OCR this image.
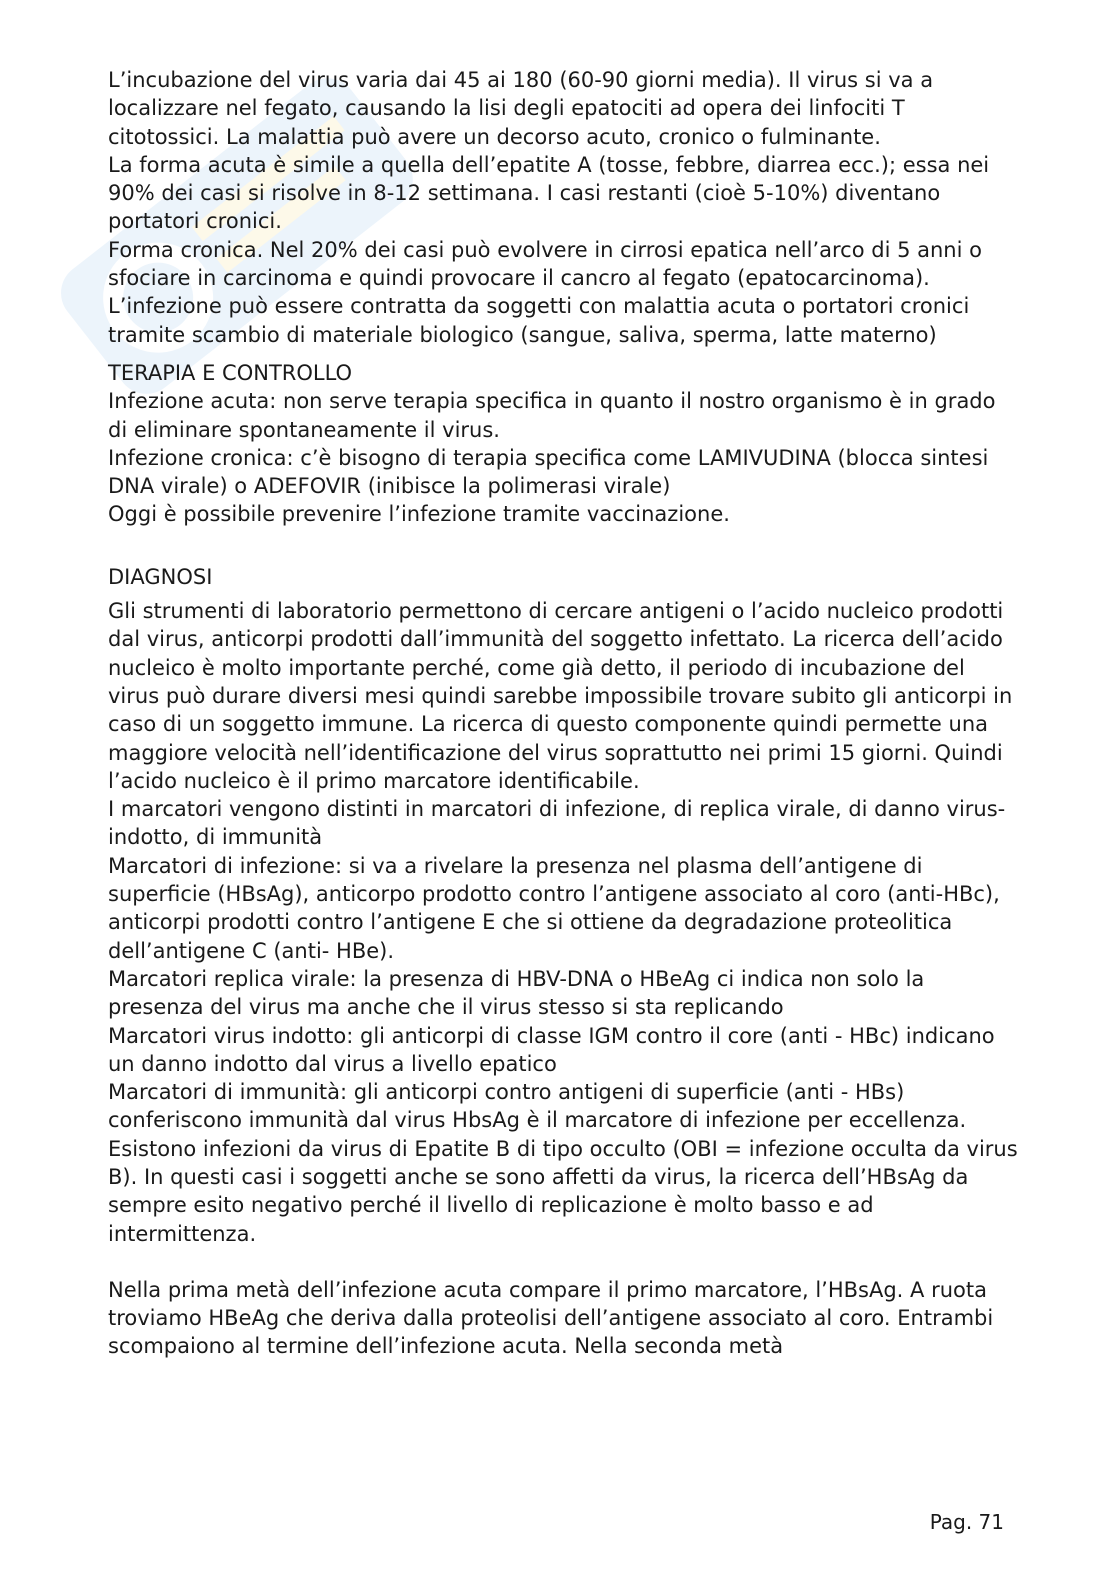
L’incubazione del virus varia dai 45 ai 180 (60-90 giorni media). Il virus si va a localizzare nel fegato, causando la lisi degli epatociti ad opera dei linfociti T citotossici. La malattia può avere un decorso acuto, cronico o fulminante.

La forma acuta è simile a quella dell’epatite A (tosse, febbre, diarrea ecc.); essa nei 90% dei casi si risolve in 8-12 settimana. I casi restanti (cioè 5-10%) diventano portatori cronici.

Forma cronica. Nel 20% dei casi può evolvere in cirrosi epatica nell’arco di 5 anni o sfociare in carcinoma e quindi provocare il cancro al fegato (epatocarcinoma).

L’infezione può essere contratta da soggetti con malattia acuta o portatori cronici tramite scambio di materiale biologico (sangue, saliva, sperma, latte materno)

TERAPIA E CONTROLLO

Infezione acuta: non serve terapia specifica in quanto il nostro organismo è in grado di eliminare spontaneamente il virus.

Infezione cronica: c’è bisogno di terapia specifica come LAMIVUDINA (blocca sintesi DNA virale) o ADEFOVIR (inibisce la polimerasi virale)

Oggi è possibile prevenire l’infezione tramite vaccinazione.

DIAGNOSI

Gli strumenti di laboratorio permettono di cercare antigeni o l’acido nucleico prodotti dal virus, anticorpi prodotti dall’immunità del soggetto infettato. La ricerca dell’acido nucleico è molto importante perché, come già detto, il periodo di incubazione del virus può durare diversi mesi quindi sarebbe impossibile trovare subito gli anticorpi in caso di un soggetto immune. La ricerca di questo componente quindi permette una maggiore velocità nell’identificazione del virus soprattutto nei primi 15 giorni. Quindi l’acido nucleico è il primo marcatore identificabile.

I marcatori vengono distinti in marcatori di infezione, di replica virale, di danno virus-indotto, di immunità

Marcatori di infezione: si va a rivelare la presenza nel plasma dell’antigene di superficie (HBsAg), anticorpo prodotto contro l’antigene associato al coro (anti-HBc), anticorpi prodotti contro l’antigene E che si ottiene da degradazione proteolitica dell’antigene C (anti- HBe).

Marcatori replica virale: la presenza di HBV-DNA o HBeAg ci indica non solo la presenza del virus ma anche che il virus stesso si sta replicando

Marcatori virus indotto: gli anticorpi di classe IGM contro il core (anti - HBc) indicano un danno indotto dal virus a livello epatico

Marcatori di immunità: gli anticorpi contro antigeni di superficie (anti - HBs) conferiscono immunità dal virus HbsAg è il marcatore di infezione per eccellenza.

Esistono infezioni da virus di Epatite B di tipo occulto (OBI = infezione occulta da virus B). In questi casi i soggetti anche se sono affetti da virus, la ricerca dell’HBsAg da sempre esito negativo perché il livello di replicazione è molto basso e ad intermittenza.

Nella prima metà dell’infezione acuta compare il primo marcatore, l’HBsAg. A ruota troviamo HBeAg che deriva dalla proteolisi dell’antigene associato al coro. Entrambi scompaiono al termine dell’infezione acuta. Nella seconda metà

Pag. 71
